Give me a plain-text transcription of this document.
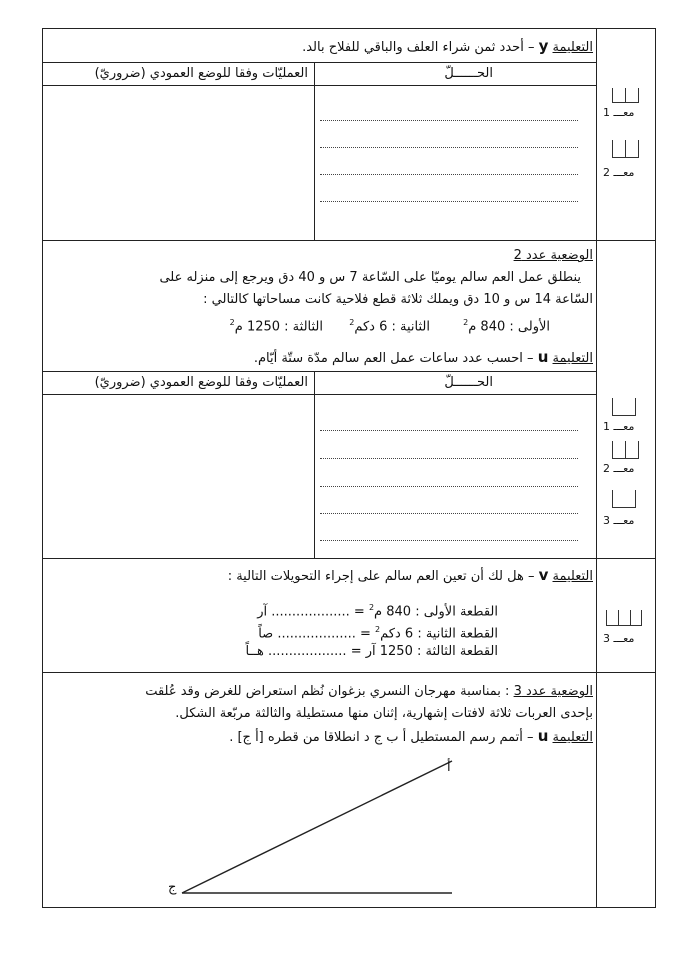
التعليمة y – أحدد ثمن شراء العلف والباقي للفلاح بالد.
الحــــــلّ
العمليّات وفقا للوضع العمودي (ضروريّ)
معـــ 1
معـــ 2
الوضعية عدد 2
ينطلق عمل العم سالم يوميّا على السّاعة 7 س و 40 دق ويرجع إلى منزله على
السّاعة 14 س و 10 دق ويملك ثلاثة قطع فلاحية كانت مساحاتها كالتالي :
الأولى : 840 م$^2$
الثانية : 6 دكم$^2$
الثالثة : 1250 م$^2$
التعليمة u – احسب عدد ساعات عمل العم سالم مدّة ستّة أيّام.
الحــــــلّ
العمليّات وفقا للوضع العمودي (ضروريّ)
معـــ 1
معـــ 2
معـــ 3
التعليمة v – هل لك أن تعين العم سالم على إجراء التحويلات التالية :
القطعة الأولى : 840 م$^2$ = ................... آر
القطعة الثانية : 6 دكم$^2$ = ................... صاً
القطعة الثالثة : 1250 آر = ................... هــاً
معـــ 3
الوضعية عدد 3 : بمناسبة مهرجان النسري بزغوان نُظم استعراض للغرض وقد عُلقت
بإحدى العربات ثلاثة لافتات إشهارية، إثنان منها مستطيلة والثالثة مربّعة الشكل.
التعليمة u – أتمم رسم المستطيل أ ب ج د انطلاقا من قطره [أ ج] .
أ
ج
